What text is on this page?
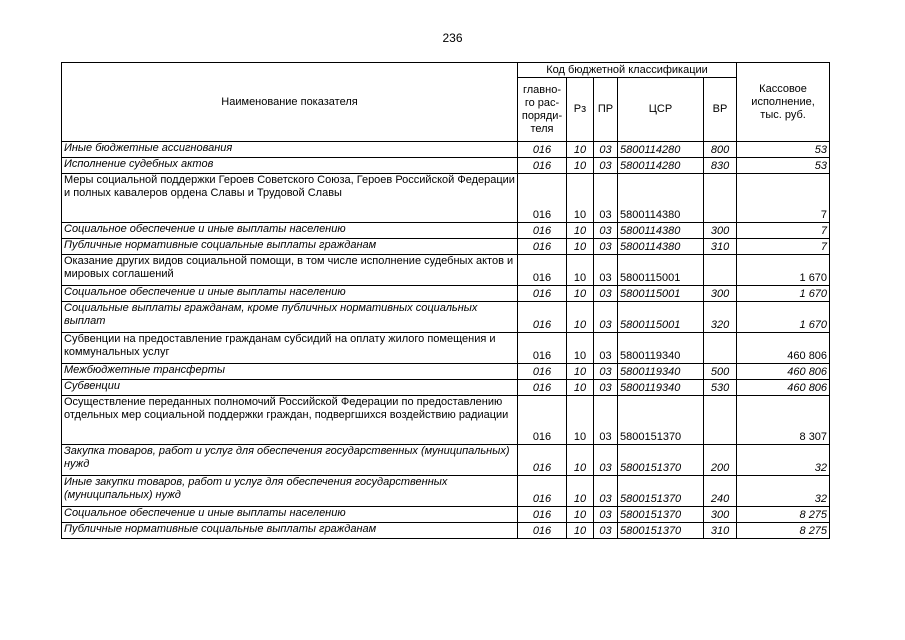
236
Наименование показателя	Код бюджетной классификации					Кассовое исполнение, тыс. руб.
	главно-
го рас-
поряди-
теля	Рз	ПР	ЦСР	ВР	
Иные бюджетные ассигнования	016	10	03	5800114280	800	53
Исполнение судебных актов	016	10	03	5800114280	830	53
Меры социальной поддержки Героев Советского Союза, Героев Российской Федерации и полных кавалеров ордена Славы и Трудовой Славы	016	10	03	5800114380		7
Социальное обеспечение и иные выплаты населению	016	10	03	5800114380	300	7
Публичные нормативные социальные выплаты гражданам	016	10	03	5800114380	310	7
Оказание других видов социальной помощи, в том числе исполнение судебных актов и мировых соглашений	016	10	03	5800115001		1 670
Социальное обеспечение и иные выплаты населению	016	10	03	5800115001	300	1 670
Социальные выплаты гражданам, кроме публичных нормативных социальных выплат	016	10	03	5800115001	320	1 670
Субвенции на предоставление гражданам субсидий на оплату жилого помещения и коммунальных услуг	016	10	03	5800119340		460 806
Межбюджетные трансферты	016	10	03	5800119340	500	460 806
Субвенции	016	10	03	5800119340	530	460 806
Осуществление переданных полномочий Российской Федерации по предоставлению отдельных мер социальной поддержки граждан, подвергшихся воздействию радиации	016	10	03	5800151370		8 307
Закупка товаров, работ и услуг для обеспечения государственных (муниципальных) нужд	016	10	03	5800151370	200	32
Иные закупки товаров, работ и услуг для обеспечения государственных (муниципальных) нужд	016	10	03	5800151370	240	32
Социальное обеспечение и иные выплаты населению	016	10	03	5800151370	300	8 275
Публичные нормативные социальные выплаты гражданам	016	10	03	5800151370	310	8 275
